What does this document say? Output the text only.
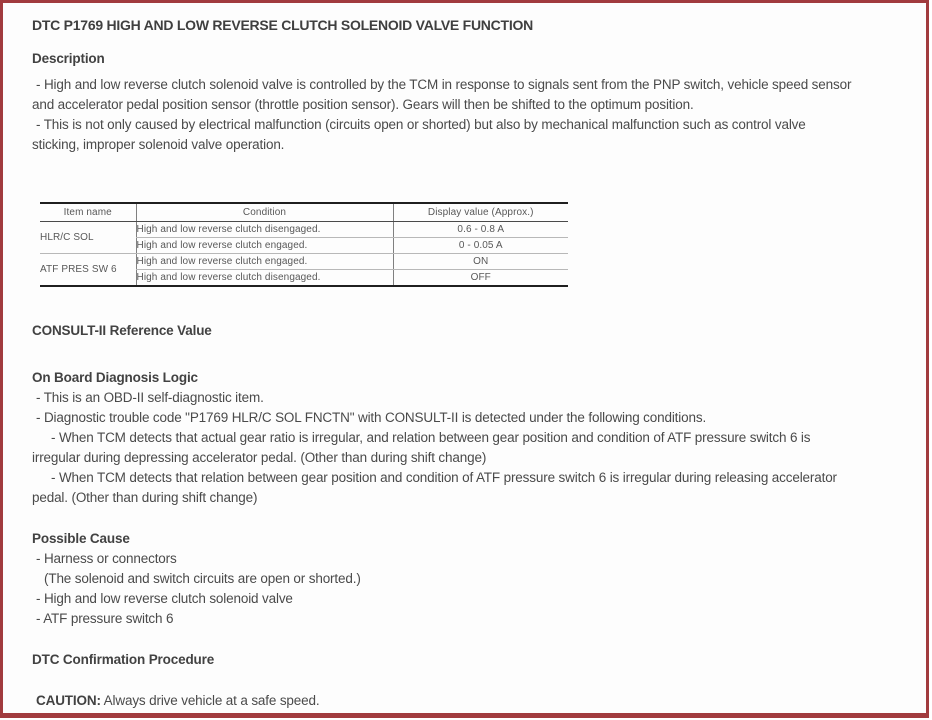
DTC P1769 HIGH AND LOW REVERSE CLUTCH SOLENOID VALVE FUNCTION
Description
- High and low reverse clutch solenoid valve is controlled by the TCM in response to signals sent from the PNP switch, vehicle speed sensor
and accelerator pedal position sensor (throttle position sensor). Gears will then be shifted to the optimum position.
- This is not only caused by electrical malfunction (circuits open or shorted) but also by mechanical malfunction such as control valve
sticking, improper solenoid valve operation.
Item name	Condition	Display value (Approx.)
HLR/C SOL	High and low reverse clutch disengaged.	0.6 - 0.8 A
	High and low reverse clutch engaged.	0 - 0.05 A
ATF PRES SW 6	High and low reverse clutch engaged.	ON
	High and low reverse clutch disengaged.	OFF
CONSULT-II Reference Value
On Board Diagnosis Logic
- This is an OBD-II self-diagnostic item.
- Diagnostic trouble code "P1769 HLR/C SOL FNCTN" with CONSULT-II is detected under the following conditions.
- When TCM detects that actual gear ratio is irregular, and relation between gear position and condition of ATF pressure switch 6 is
irregular during depressing accelerator pedal. (Other than during shift change)
- When TCM detects that relation between gear position and condition of ATF pressure switch 6 is irregular during releasing accelerator
pedal. (Other than during shift change)
Possible Cause
- Harness or connectors
(The solenoid and switch circuits are open or shorted.)
- High and low reverse clutch solenoid valve
- ATF pressure switch 6
DTC Confirmation Procedure
CAUTION: Always drive vehicle at a safe speed.
